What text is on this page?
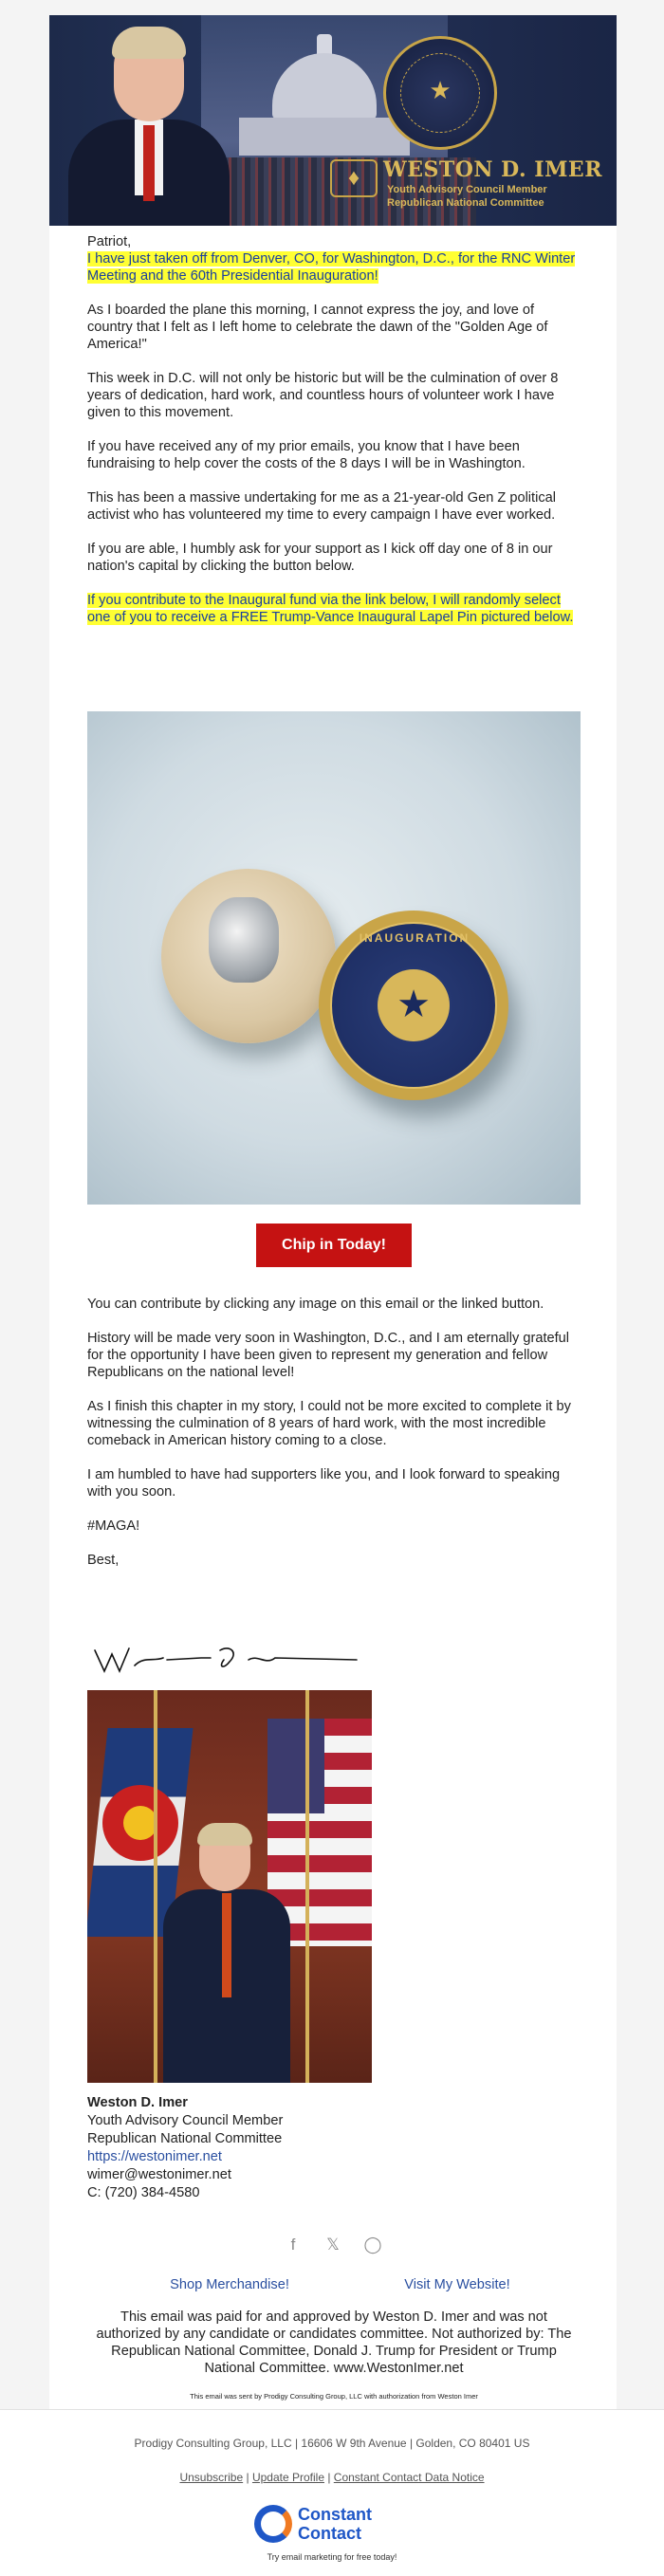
★
♦	WESTON D. IMER
Youth Advisory Council Member
Republican National Committee
Patriot,

I have just taken off from Denver, CO, for Washington, D.C., for the RNC Winter Meeting and the 60th Presidential Inauguration!

As I boarded the plane this morning, I cannot express the joy, and love of country that I felt as I left home to celebrate the dawn of the "Golden Age of America!"

This week in D.C. will not only be historic but will be the culmination of over 8 years of dedication, hard work, and countless hours of volunteer work I have given to this movement.

If you have received any of my prior emails, you know that I have been fundraising to help cover the costs of the 8 days I will be in Washington.

This has been a massive undertaking for me as a 21-year-old Gen Z political activist who has volunteered my time to every campaign I have ever worked.

If you are able, I humbly ask for your support as I kick off day one of 8 in our nation's capital by clicking the button below.

If you contribute to the Inaugural fund via the link below, I will randomly select one of you to receive a FREE Trump-Vance Inaugural Lapel Pin pictured below.

INAUGURATION
★
Chip in Today!

You can contribute by clicking any image on this email or the linked button.

History will be made very soon in Washington, D.C., and I am eternally grateful for the opportunity I have been given to represent my generation and fellow Republicans on the national level!

As I finish this chapter in my story, I could not be more excited to complete it by witnessing the culmination of 8 years of hard work, with the most incredible comeback in American history coming to a close.

I am humbled to have had supporters like you, and I look forward to speaking with you soon.

#MAGA!

Best,

Weston D. Imer
Youth Advisory Council Member
Republican National Committee
https://westonimer.net
wimer@westonimer.net
C: (720) 384-4580
f	𝕏 ◯
Shop Merchandise!	Visit My Website!
This email was paid for and approved by Weston D. Imer and was not authorized by any candidate or candidates committee. Not authorized by: The Republican National Committee, Donald J. Trump for President or Trump National Committee. www.WestonImer.net
This email was sent by Prodigy Consulting Group, LLC with authorization from Weston Imer
Prodigy Consulting Group, LLC | 16606 W 9th Avenue | Golden, CO 80401 US
Unsubscribe | Update Profile | Constant Contact Data Notice
Constant
Contact
Try email marketing for free today!
